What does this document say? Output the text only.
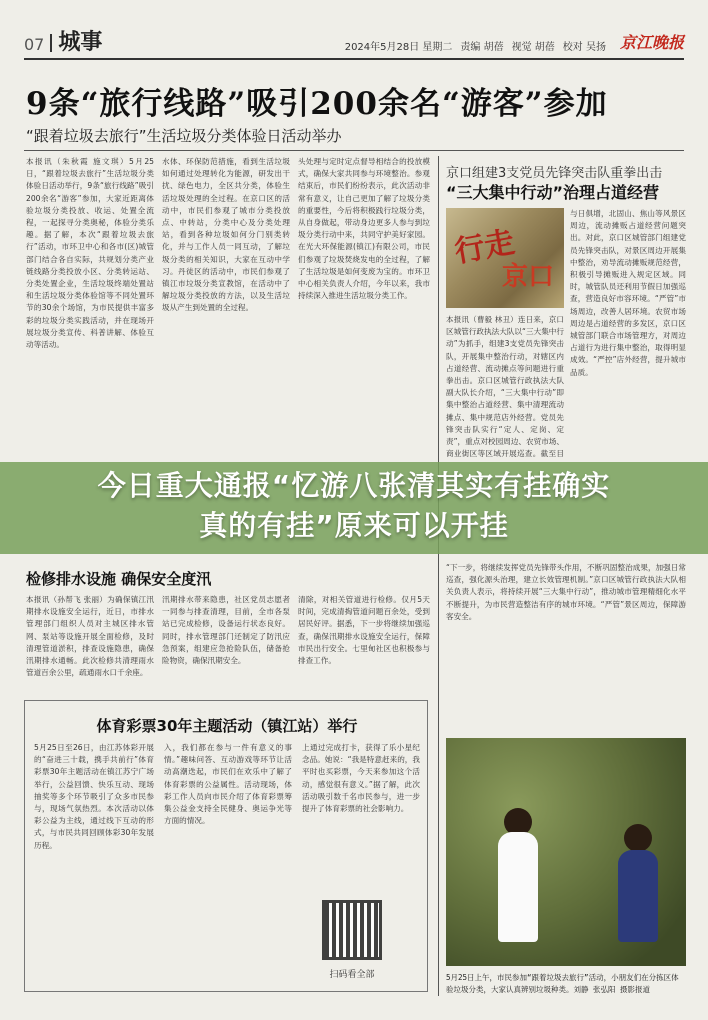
07 城事	2024年5月28日 星期二 责编 胡蓓 视觉 胡蓓 校对 吴扬 京江晚报
9条“旅行线路”吸引200余名“游客”参加
“跟着垃圾去旅行”生活垃圾分类体验日活动举办
本报讯（朱秋霞 施文琪）5月25日，“跟着垃圾去旅行”生活垃圾分类体验日活动举行，9条“旅行线路”吸引200余名“游客”参加，大家近距离体验垃圾分类投放、收运、处置全流程，一起探寻分类奥秘，体验分类乐趣。据了解，本次“跟着垃圾去旅行”活动，市环卫中心和各市(区)城管部门结合各自实际，共规划分类产业链线路分类投放小区、分类转运站、分类处置企业，生活垃圾终端处置站和生活垃圾分类体验馆等不同处置环节的30余个场馆，为市民提供丰富多彩的垃圾分类实践活动，并在现场开展垃圾分类宣传、科普讲解、体验互动等活动。
水体、环保防范措施，看到生活垃圾如何通过处理转化为能源，研发出干扰、绿色电力，全区共分类，体验生活垃圾处理的全过程。在京口区的活动中，市民们参观了城市分类投放点、中转站，分类中心及分类处理站，看到各种垃圾如何分门别类转化，并与工作人员一同互动，了解垃圾分类的相关知识，大家在互动中学习。丹徒区的活动中，市民们参观了镇江市垃圾分类宣教馆，在活动中了解垃圾分类投放的方法，以及生活垃圾从产生到处置的全过程。
头处理与定时定点督导相结合的投放模式，确保大家共同参与环境整治。参观结束后，市民们纷纷表示，此次活动非常有意义，让自己更加了解了垃圾分类的重要性，今后将积极践行垃圾分类，从自身做起，带动身边更多人参与到垃圾分类行动中来，共同守护美好家园。在光大环保能源(镇江)有限公司，市民们参观了垃圾焚烧发电的全过程，了解了生活垃圾是如何变废为宝的。市环卫中心相关负责人介绍，今年以来，我市持续深入推进生活垃圾分类工作。
京口组建3支党员先锋突击队重拳出击
“三大集中行动”治理占道经营
行走
京口
与日俱增，北固山、焦山等风景区周边，流动摊贩占道经营问题突出。对此，京口区城管部门组建党员先锋突击队，对景区周边开展集中整治，劝导流动摊贩规范经营，积极引导摊贩进入规定区域。同时，城管队员还利用节假日加强巡查，营造良好市容环境。“严管”市场周边，改善人居环境。农贸市场周边是占道经营的多发区，京口区城管部门联合市场管理方，对周边占道行为进行集中整治，取得明显成效。“严控”店外经营，提升城市品质。
本报讯（曹毅 林丑）连日来，京口区城管行政执法大队以“三大集中行动”为抓手，组建3支党员先锋突击队，开展集中整治行动，对辖区内占道经营、流动摊点等问题进行重拳出击。京口区城管行政执法大队副大队长介绍，“三大集中行动”即集中整治占道经营、集中清理流动摊点、集中规范店外经营。党员先锋突击队实行“定人、定岗、定责”，重点对校园周边、农贸市场、商业街区等区域开展巡查。截至目
检修排水设施 确保安全度汛
本报讯（孙帮飞 张丽）为确保镇江汛期排水设施安全运行，近日，市排水管理部门组织人员对主城区排水管网、泵站等设施开展全面检修，及时清理管道淤积，排查设施隐患，确保汛期排水通畅。此次检修共清理雨水管道百余公里，疏通雨水口千余座。
汛期排水带来隐患，社区党员志愿者一同参与排查清理，目前，全市各泵站已完成检修，设备运行状态良好。同时，排水管理部门还制定了防汛应急预案，组建应急抢险队伍，储备抢险物资，确保汛期安全。
清除，对相关管道进行检修。仅月5天时间，完成清掏管道问题百余处，受到居民好评。据悉，下一步将继续加强巡查，确保汛期排水设施安全运行，保障市民出行安全。七里甸社区也积极参与排查工作。
体育彩票30年主题活动（镇江站）举行
5月25日至26日，由江苏体彩开展的“奋进三十载，携手共前行”体育彩票30年主题活动在镇江苏宁广场举行，公益回馈、快乐互动、现场抽奖等多个环节吸引了众多市民参与，现场气氛热烈。本次活动以体彩公益为主线，通过线下互动的形式，与市民共同回顾体彩30年发展历程。
入，我们都在参与一件有意义的事情。”趣味问答、互动游戏等环节让活动高潮迭起，市民们在欢乐中了解了体育彩票的公益属性。活动现场，体彩工作人员向市民介绍了体育彩票筹集公益金支持全民健身、奥运争光等方面的情况。
上通过完成打卡，获得了乐小星纪念品。她说：“我是特意赶来的，我平时也买彩票，今天来参加这个活动，感觉很有意义。”据了解，此次活动吸引数千名市民参与，进一步提升了体育彩票的社会影响力。
扫码看全部
“下一步，将继续发挥党员先锋带头作用，不断巩固整治成果，加强日常巡查，强化源头治理，建立长效管理机制。”京口区城管行政执法大队相关负责人表示，将持续开展“三大集中行动”，推动城市管理精细化水平不断提升，为市民营造整洁有序的城市环境。“严管”景区周边，保障游客安全。
5月25日上午，市民参加“跟着垃圾去旅行”活动，小朋友们在分拣区体验垃圾分类，大家认真辨别垃圾种类。刘静 张弘阳 摄影报道
今日重大通报“忆游八张清其实有挂确实
真的有挂”原来可以开挂
